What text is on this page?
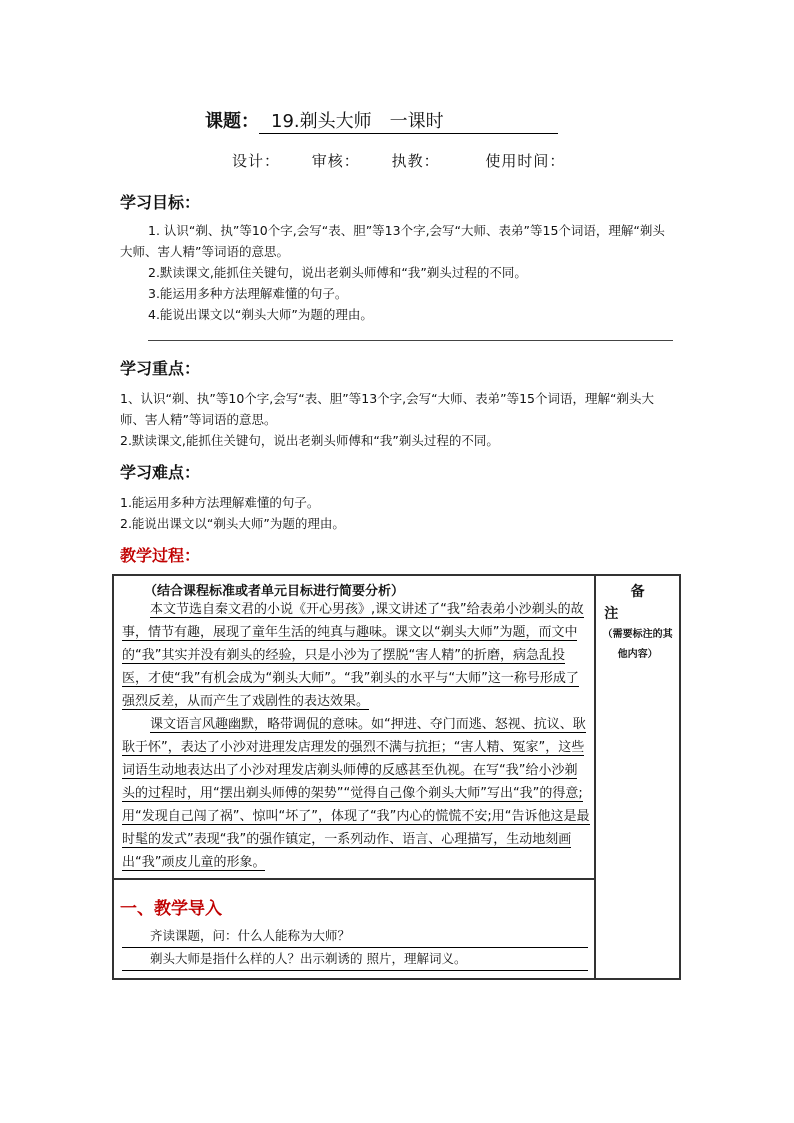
课题： 19.剃头大师　一课时
设计： 审核： 执教：	使用时间：
学习目标：

1. 认识“剃、执”等10个字,会写“表、胆”等13个字,会写“大师、表弟”等15个词语，理解“剃头大师、害人精”等词语的意思。

2.默读课文,能抓住关键句，说出老剃头师傅和“我”剃头过程的不同。

3.能运用多种方法理解难懂的句子。

4.能说出课文以“剃头大师”为题的理由。

学习重点：

1、认识“剃、执”等10个字,会写“表、胆”等13个字,会写“大师、表弟”等15个词语，理解“剃头大师、害人精”等词语的意思。

2.默读课文,能抓住关键句，说出老剃头师傅和“我”剃头过程的不同。

学习难点：

1.能运用多种方法理解难懂的句子。

2.能说出课文以“剃头大师”为题的理由。

教学过程：
（结合课程标准或者单元目标进行简要分析）
本文节选自秦文君的小说《开心男孩》,课文讲述了“我”给表弟小沙剃头的故事，情节有趣，展现了童年生活的纯真与趣味。课文以“剃头大师”为题，而文中的“我”其实并没有剃头的经验，只是小沙为了摆脱“害人精”的折磨，病急乱投医，才使“我”有机会成为“剃头大师”。“我”剃头的水平与“大师”这一称号形成了 强烈反差，从而产生了戏剧性的表达效果。
课文语言风趣幽默，略带调侃的意味。如“押进、夺门而逃、怒视、抗议、耿耿于怀”，表达了小沙对进理发店理发的强烈不满与抗拒；“害人精、冤家”，这些词语生动地表达出了小沙对理发店剃头师傅的反感甚至仇视。在写“我”给小沙剃头的过程时，用“摆出剃头师傅的架势”“觉得自己像个剃头大师”写出“我”的得意;用“发现自己闯了祸”、惊叫“坏了”，体现了“我”内心的慌慌不安;用“告诉他这是最时髦的发式”表现“我”的强作镇定，一系列动作、语言、心理描写，生动地刻画出“我”顽皮儿童的形象。

备
注
（需要标注的其他内容）

一、教学导入
齐读课题，问：什么人能称为大师？
剃头大师是指什么样的人？出示剃诱的 照片，理解词义。
